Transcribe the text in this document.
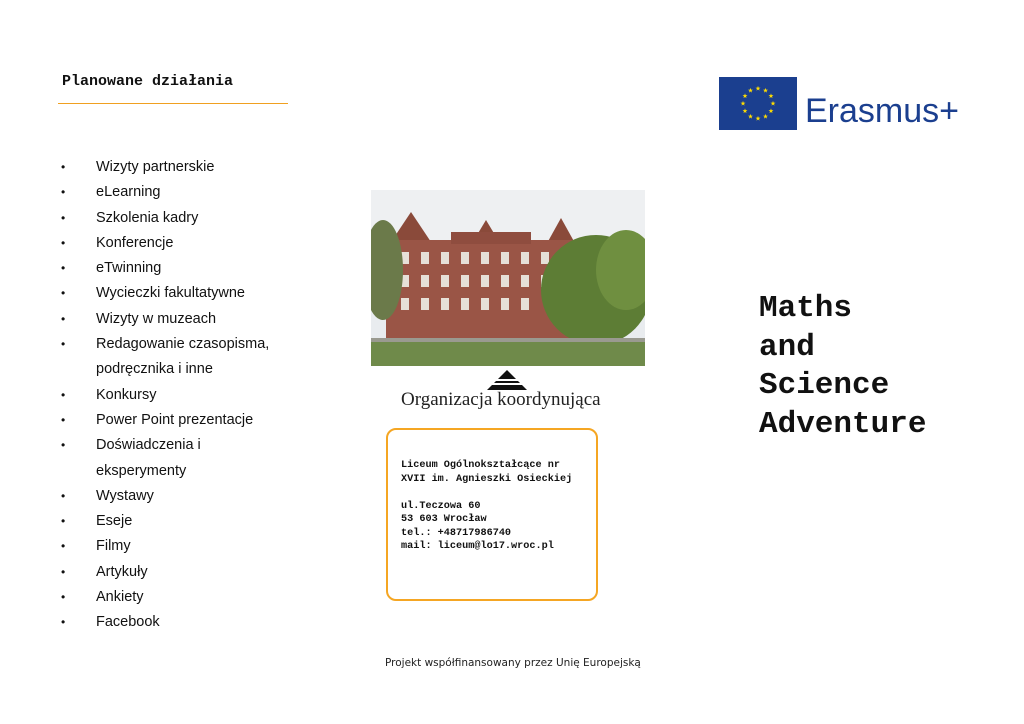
Planowane działania
• Wizyty partnerskie
• eLearning
• Szkolenia kadry
• Konferencje
• eTwinning
• Wycieczki fakultatywne
• Wizyty w muzeach
• Redagowanie czasopisma,
podręcznika i inne
• Konkursy
• Power Point prezentacje
• Doświadczenia i
eksperymenty
• Wystawy
• Eseje
• Filmy
• Artykuły
• Ankiety
• Facebook
Organizacja koordynująca
Liceum Ogólnokształcące nr
XVII im. Agnieszki Osieckiej
ul.Teczowa 60
53 603 Wrocław
tel.: +48717986740
mail: liceum@lo17.wroc.pl
Erasmus+
Maths
and
Science
Adventure
Projekt współfinansowany przez Unię Europejską
